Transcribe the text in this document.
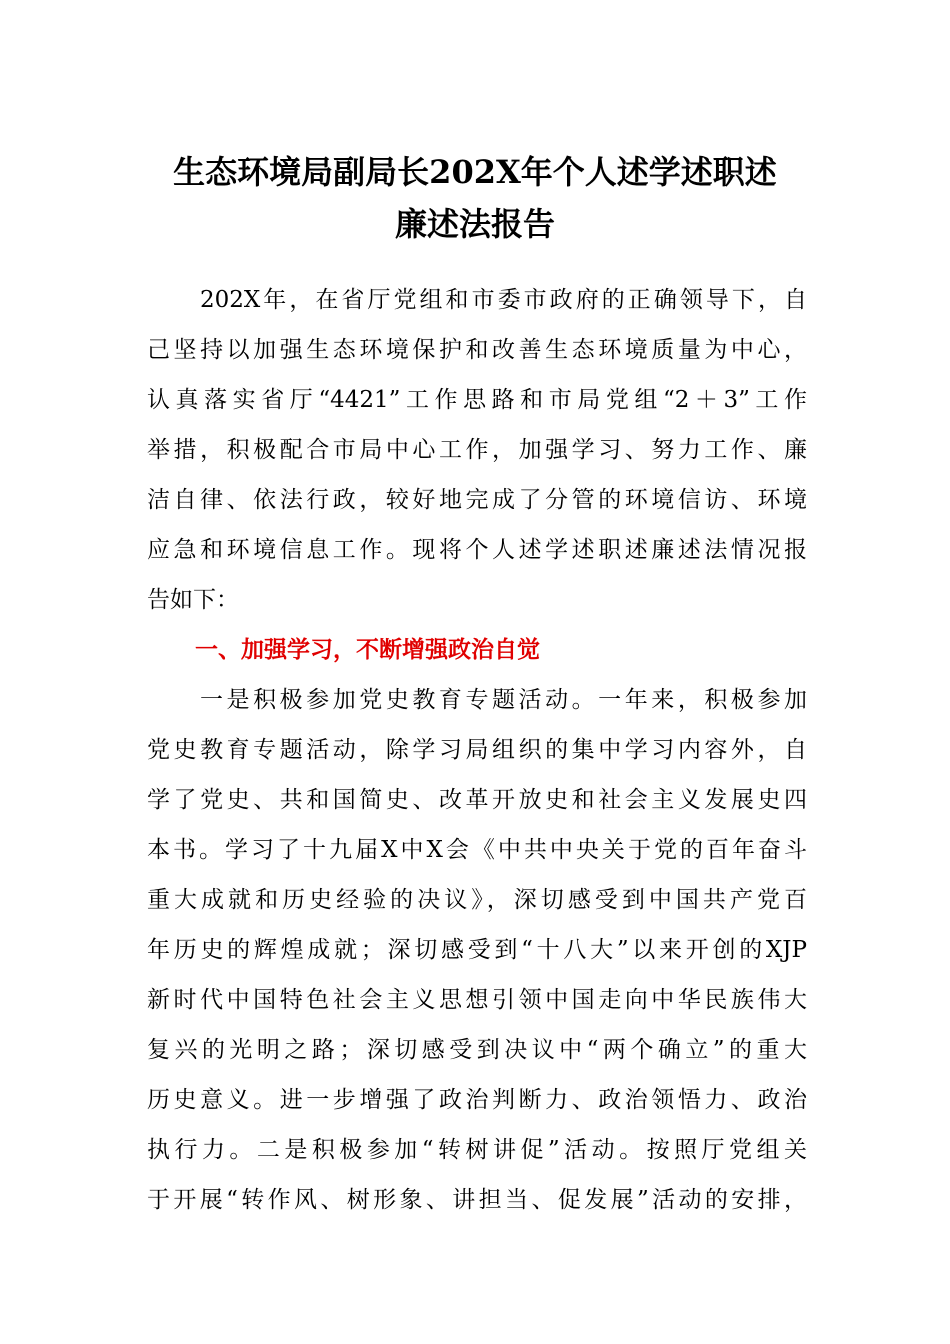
生态环境局副局长202X年个人述学述职述
廉述法报告

202X年，在省厅党组和市委市政府的正确领导下，自

己坚持以加强生态环境保护和改善生态环境质量为中心，

认真落实省厅“4421”工作思路和市局党组“2＋3”工作

举措，积极配合市局中心工作，加强学习、努力工作、廉

洁自律、依法行政，较好地完成了分管的环境信访、环境

应急和环境信息工作。现将个人述学述职述廉述法情况报

告如下：

一、加强学习，不断增强政治自觉

一是积极参加党史教育专题活动。一年来，积极参加

党史教育专题活动，除学习局组织的集中学习内容外，自

学了党史、共和国简史、改革开放史和社会主义发展史四

本书。学习了十九届X中X会《中共中央关于党的百年奋斗

重大成就和历史经验的决议》，深切感受到中国共产党百

年历史的辉煌成就；深切感受到“十八大”以来开创的XJP

新时代中国特色社会主义思想引领中国走向中华民族伟大

复兴的光明之路；深切感受到决议中“两个确立”的重大

历史意义。进一步增强了政治判断力、政治领悟力、政治

执行力。二是积极参加“转树讲促”活动。按照厅党组关

于开展“转作风、树形象、讲担当、促发展”活动的安排，
